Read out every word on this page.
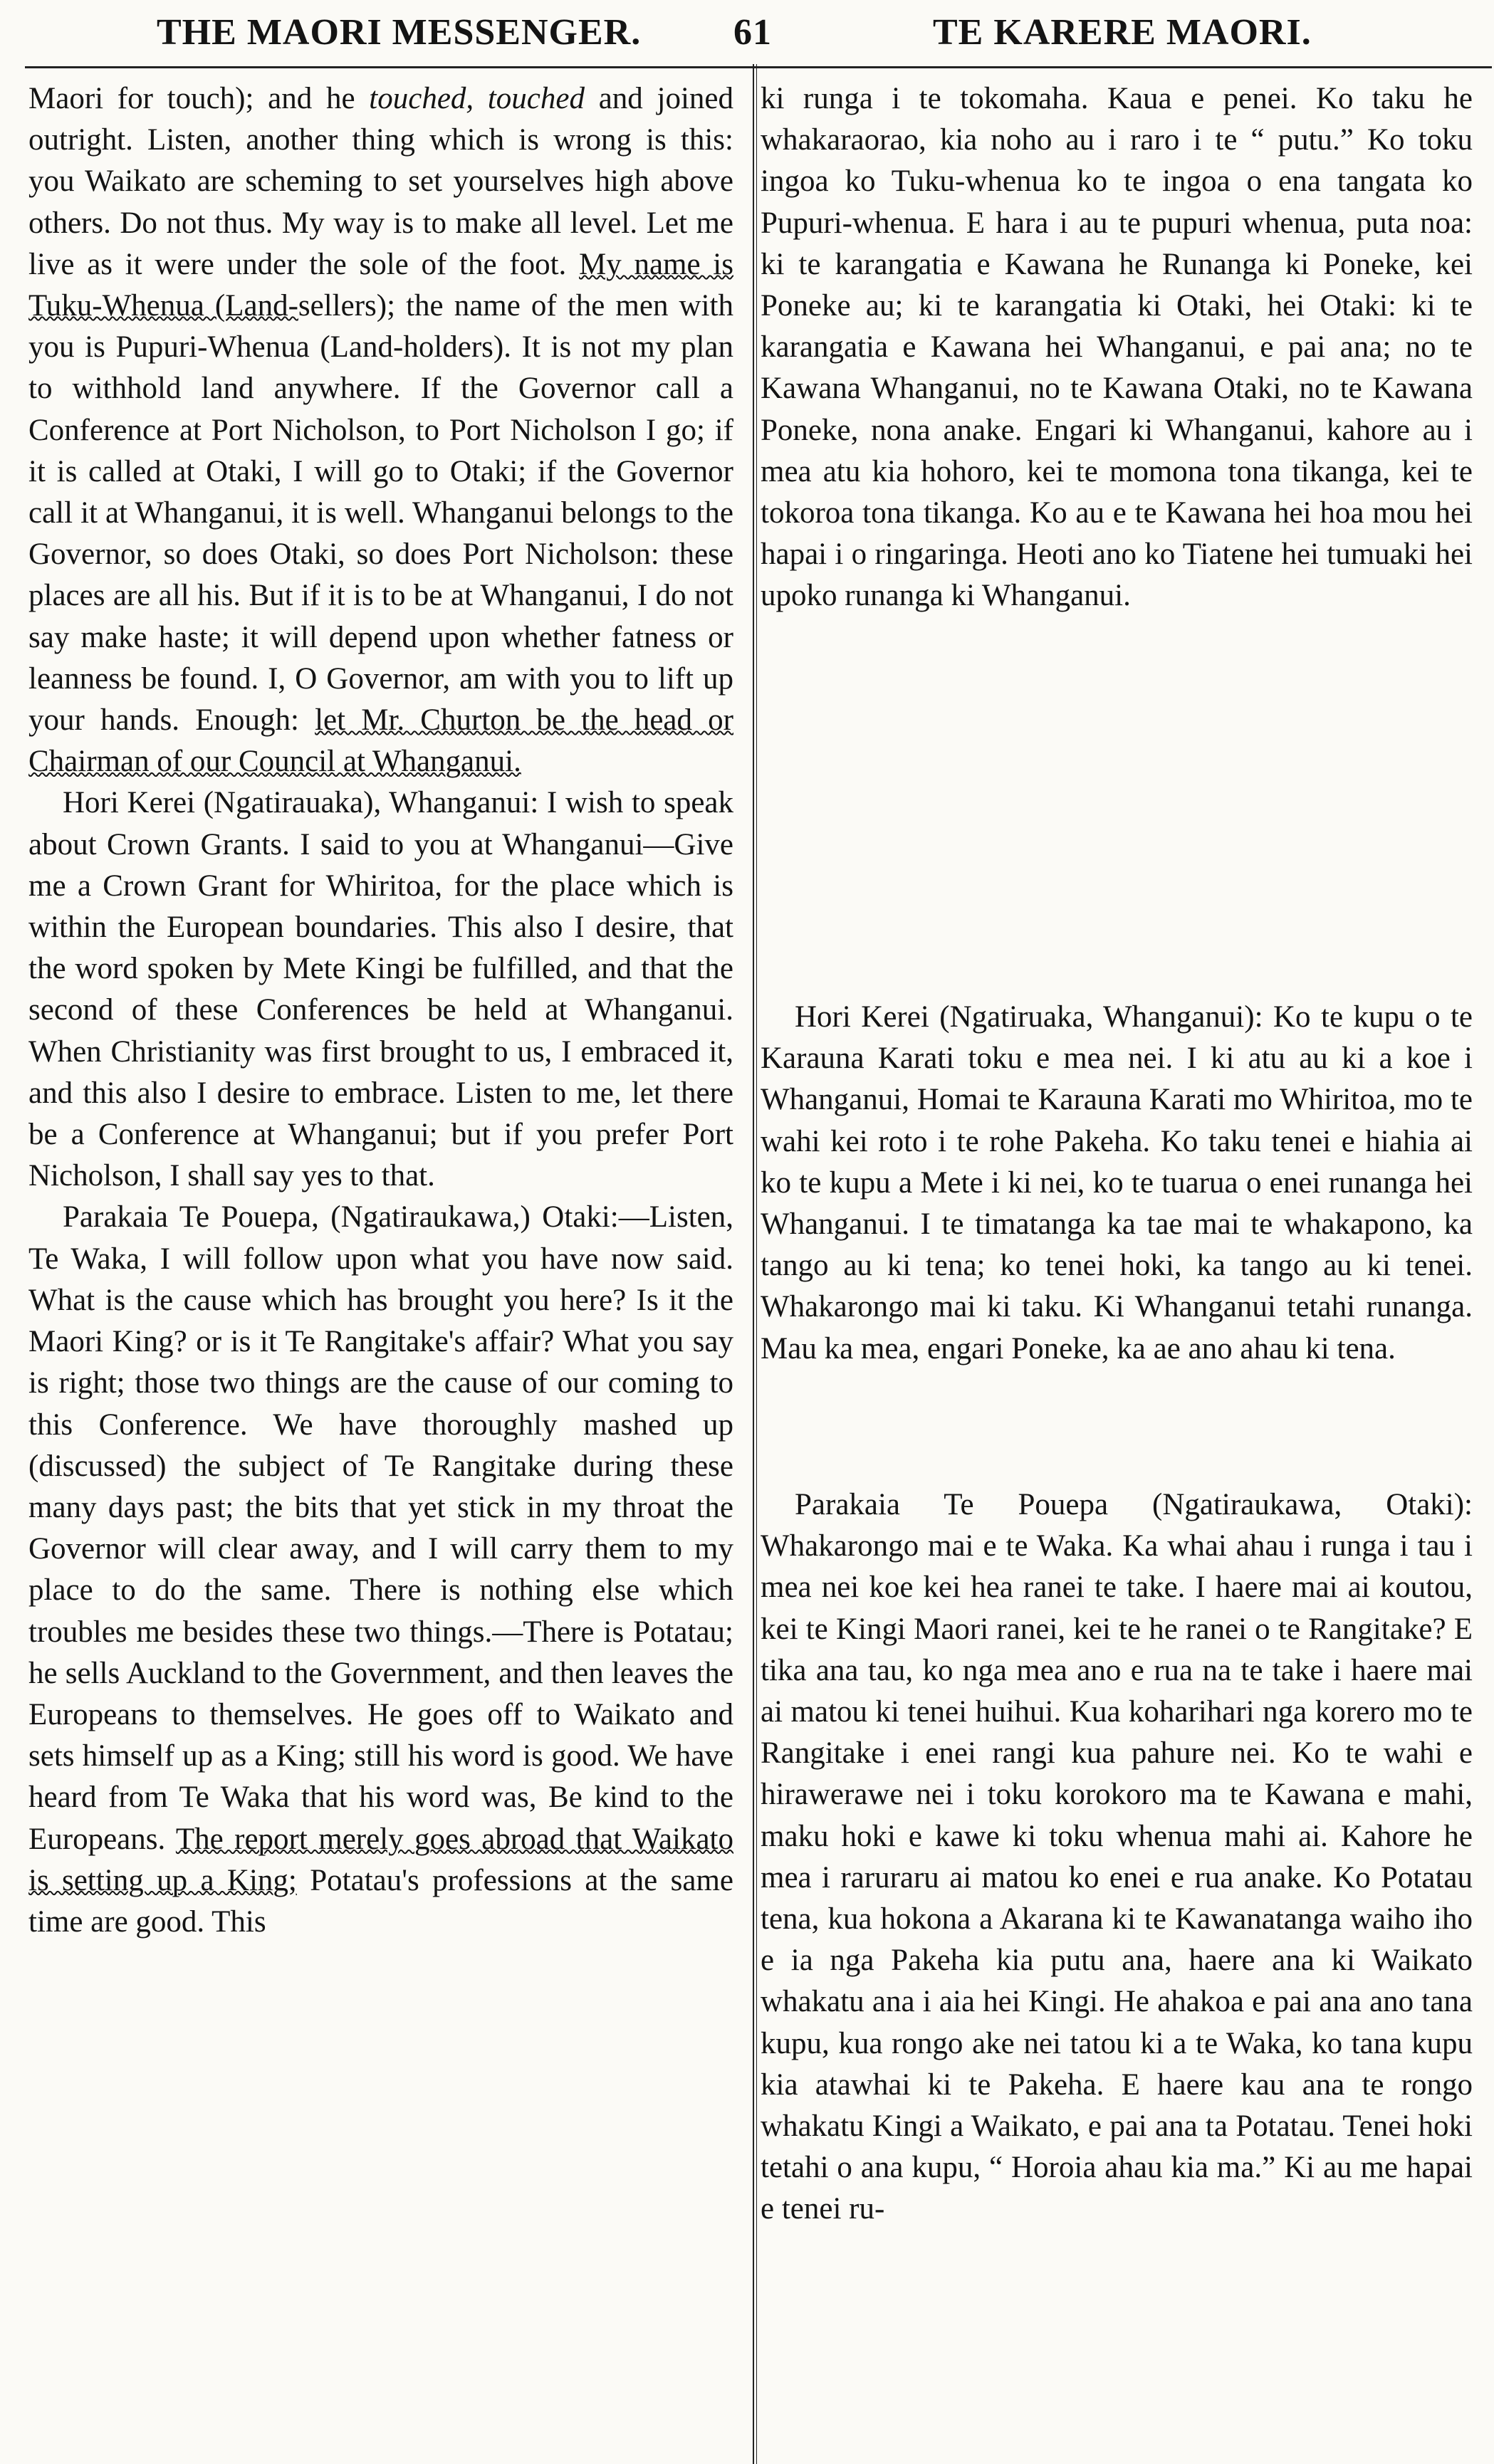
THE MAORI MESSENGER. 61	TE KARERE MAORI.

Maori for touch); and he touched, touched and joined outright. Listen, another thing which is wrong is this: you Waikato are scheming to set yourselves high above others. Do not thus. My way is to make all level. Let me live as it were under the sole of the foot. My name is Tuku-Whenua (Land-sellers); the name of the men with you is Pupuri-Whenua (Land-holders). It is not my plan to withhold land anywhere. If the Governor call a Conference at Port Nicholson, to Port Nicholson I go; if it is called at Otaki, I will go to Otaki; if the Governor call it at Whanganui, it is well. Whanganui belongs to the Governor, so does Otaki, so does Port Nicholson: these places are all his. But if it is to be at Whanganui, I do not say make haste; it will depend upon whether fatness or leanness be found. I, O Governor, am with you to lift up your hands. Enough: let Mr. Churton be the head or Chairman of our Council at Whanganui.

Hori Kerei (Ngatirauaka), Whanganui: I wish to speak about Crown Grants. I said to you at Whanganui—Give me a Crown Grant for Whiritoa, for the place which is within the European boundaries. This also I desire, that the word spoken by Mete Kingi be fulfilled, and that the second of these Conferences be held at Whanganui. When Christianity was first brought to us, I embraced it, and this also I desire to embrace. Listen to me, let there be a Conference at Whanganui; but if you prefer Port Nicholson, I shall say yes to that.

Parakaia Te Pouepa, (Ngatiraukawa,) Otaki:—Listen, Te Waka, I will follow upon what you have now said. What is the cause which has brought you here? Is it the Maori King? or is it Te Rangitake's affair? What you say is right; those two things are the cause of our coming to this Conference. We have thoroughly mashed up (discussed) the subject of Te Rangitake during these many days past; the bits that yet stick in my throat the Governor will clear away, and I will carry them to my place to do the same. There is nothing else which troubles me besides these two things.—There is Potatau; he sells Auckland to the Government, and then leaves the Europeans to themselves. He goes off to Waikato and sets himself up as a King; still his word is good. We have heard from Te Waka that his word was, Be kind to the Europeans. The report merely goes abroad that Waikato is setting up a King; Potatau's professions at the same time are good. This

ki runga i te tokomaha. Kaua e penei. Ko taku he whakaraorao, kia noho au i raro i te “ putu.” Ko toku ingoa ko Tuku-whenua ko te ingoa o ena tangata ko Pupuri-whenua. E hara i au te pupuri whenua, puta noa: ki te karangatia e Kawana he Runanga ki Poneke, kei Poneke au; ki te karangatia ki Otaki, hei Otaki: ki te karangatia e Kawana hei Whanganui, e pai ana; no te Kawana Whanganui, no te Kawana Otaki, no te Kawana Poneke, nona anake. Engari ki Whanganui, kahore au i mea atu kia hohoro, kei te momona tona tikanga, kei te tokoroa tona tikanga. Ko au e te Kawana hei hoa mou hei hapai i o ringaringa. Heoti ano ko Tiatene hei tumuaki hei upoko runanga ki Whanganui.

Hori Kerei (Ngatiruaka, Whanganui): Ko te kupu o te Karauna Karati toku e mea nei. I ki atu au ki a koe i Whanganui, Homai te Karauna Karati mo Whiritoa, mo te wahi kei roto i te rohe Pakeha. Ko taku tenei e hiahia ai ko te kupu a Mete i ki nei, ko te tuarua o enei runanga hei Whanganui. I te timatanga ka tae mai te whakapono, ka tango au ki tena; ko tenei hoki, ka tango au ki tenei. Whakarongo mai ki taku. Ki Whanganui tetahi runanga. Mau ka mea, engari Poneke, ka ae ano ahau ki tena.

Parakaia Te Pouepa (Ngatiraukawa, Otaki): Whakarongo mai e te Waka. Ka whai ahau i runga i tau i mea nei koe kei hea ranei te take. I haere mai ai koutou, kei te Kingi Maori ranei, kei te he ranei o te Rangitake? E tika ana tau, ko nga mea ano e rua na te take i haere mai ai matou ki tenei huihui. Kua koharihari nga korero mo te Rangitake i enei rangi kua pahure nei. Ko te wahi e hirawerawe nei i toku korokoro ma te Kawana e mahi, maku hoki e kawe ki toku whenua mahi ai. Kahore he mea i raruraru ai matou ko enei e rua anake. Ko Potatau tena, kua hokona a Akarana ki te Kawanatanga waiho iho e ia nga Pakeha kia putu ana, haere ana ki Waikato whakatu ana i aia hei Kingi. He ahakoa e pai ana ano tana kupu, kua rongo ake nei tatou ki a te Waka, ko tana kupu kia atawhai ki te Pakeha. E haere kau ana te rongo whakatu Kingi a Waikato, e pai ana ta Potatau. Tenei hoki tetahi o ana kupu, “ Horoia ahau kia ma.” Ki au me hapai e tenei ru-
